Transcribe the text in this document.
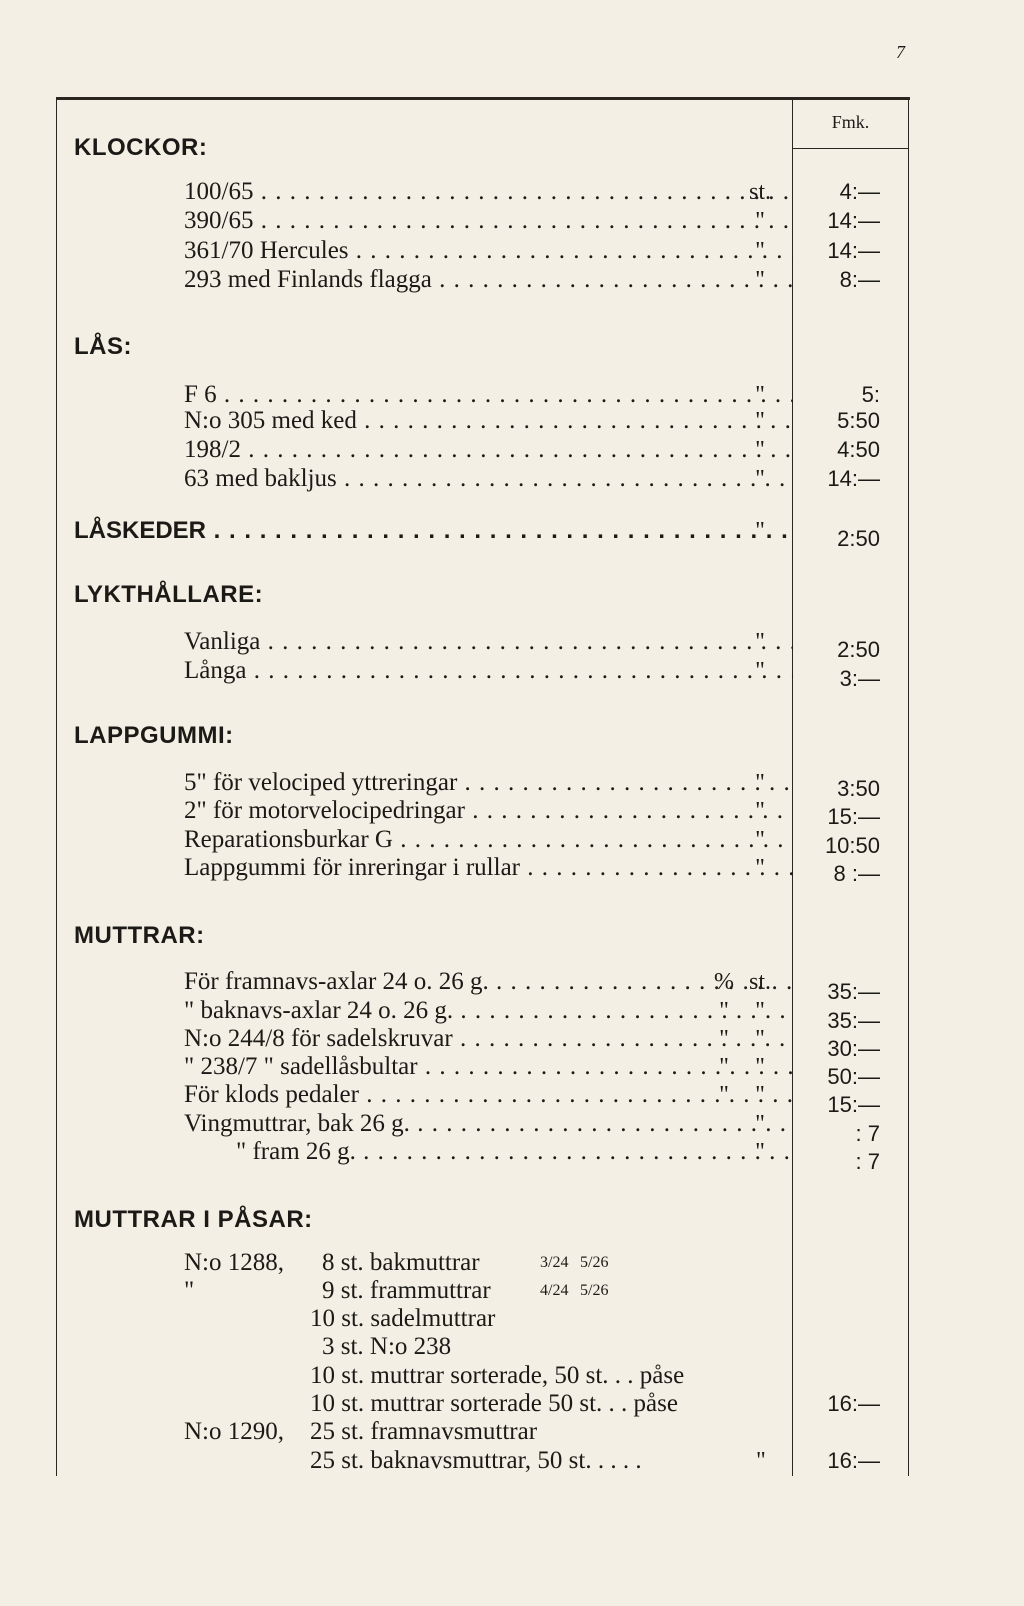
7
Fmk.
KLOCKOR:
100/65 . . .	st.	4:—
390/65 . . .	"	14:—
361/70 Hercules . . .	"	14:—
293 med Finlands flagga . . .	"	8:—
LÅS:
F 6 . . .	"	5:
N:o 305 med ked . . .	"	5:50
198/2 . . .	"	4:50
63 med bakljus . . .	"	14:—
LÅSKEDER . . .	"	2:50
LYKTHÅLLARE:
Vanliga . . .	"	2:50
Långa . . .	"	3:—
LAPPGUMMI:
5" för velociped yttreringar . . .	"	3:50
2" för motorvelocipedringar . . .	"	15:—
Reparationsburkar G . . .	"	10:50
Lappgummi för inreringar i rullar . . .	"	8 :—
MUTTRAR:
För framnavs-axlar 24 o. 26 g. . . .	% st.	35:—
" baknavs-axlar 24 o. 26 g. . . .	"	"	35:—
N:o 244/8 för sadelskruvar . . .	"	"	30:—
" 238/7 " sadellåsbultar . . .	"	"	50:—
För klods pedaler . . .	"	"	15:—
Vingmuttrar, bak 26 g. . . .	"	: 7
" fram 26 g. . . .	"	: 7
MUTTRAR I PÅSAR:
N:o 1288, 8 st. bakmuttrar	3/24 5/26
"	9 st. frammuttrar	4/24 5/26
10 st. sadelmuttrar
3 st. N:o 238
10 st. muttrar sorterade, 50 st. . . påse
10 st. muttrar sorterade 50 st. . . påse	16:—
N:o 1290, 25 st. framnavsmuttrar
25 st. baknavsmuttrar, 50 st. . . . .	"	16:—
